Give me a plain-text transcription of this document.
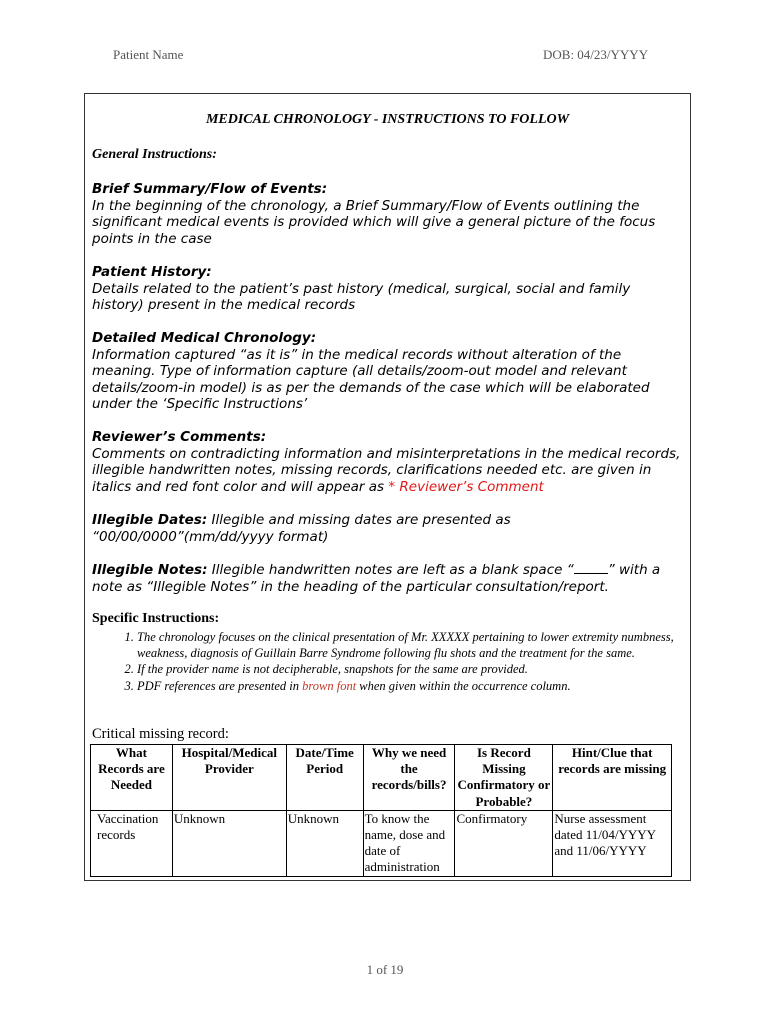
Patient Name	DOB: 04/23/YYYY
MEDICAL CHRONOLOGY - INSTRUCTIONS TO FOLLOW
General Instructions:
Brief Summary/Flow of Events:
In the beginning of the chronology, a Brief Summary/Flow of Events outlining the significant medical events is provided which will give a general picture of the focus points in the case
Patient History:
Details related to the patient’s past history (medical, surgical, social and family history) present in the medical records
Detailed Medical Chronology:
Information captured “as it is” in the medical records without alteration of the meaning. Type of information capture (all details/zoom-out model and relevant details/zoom-in model) is as per the demands of the case which will be elaborated under the ‘Specific Instructions’
Reviewer’s Comments:
Comments on contradicting information and misinterpretations in the medical records, illegible handwritten notes, missing records, clarifications needed etc. are given in italics and red font color and will appear as * Reviewer’s Comment
Illegible Dates: Illegible and missing dates are presented as “00/00/0000”(mm/dd/yyyy format)
Illegible Notes: Illegible handwritten notes are left as a blank space “	” with a note as “Illegible Notes” in the heading of the particular consultation/report.
Specific Instructions:
1. The chronology focuses on the clinical presentation of Mr. XXXXX pertaining to lower extremity numbness, weakness, diagnosis of Guillain Barre Syndrome following flu shots and the treatment for the same.
2. If the provider name is not decipherable, snapshots for the same are provided.
3. PDF references are presented in brown font when given within the occurrence column.
Critical missing record:
What Records are Needed	Hospital/Medical Provider	Date/Time Period	Why we need the records/bills?	Is Record Missing Confirmatory or Probable?	Hint/Clue that records are missing
Vaccination records	Unknown	Unknown	To know the name, dose and date of administration	Confirmatory	Nurse assessment dated 11/04/YYYY and 11/06/YYYY
1 of 19
